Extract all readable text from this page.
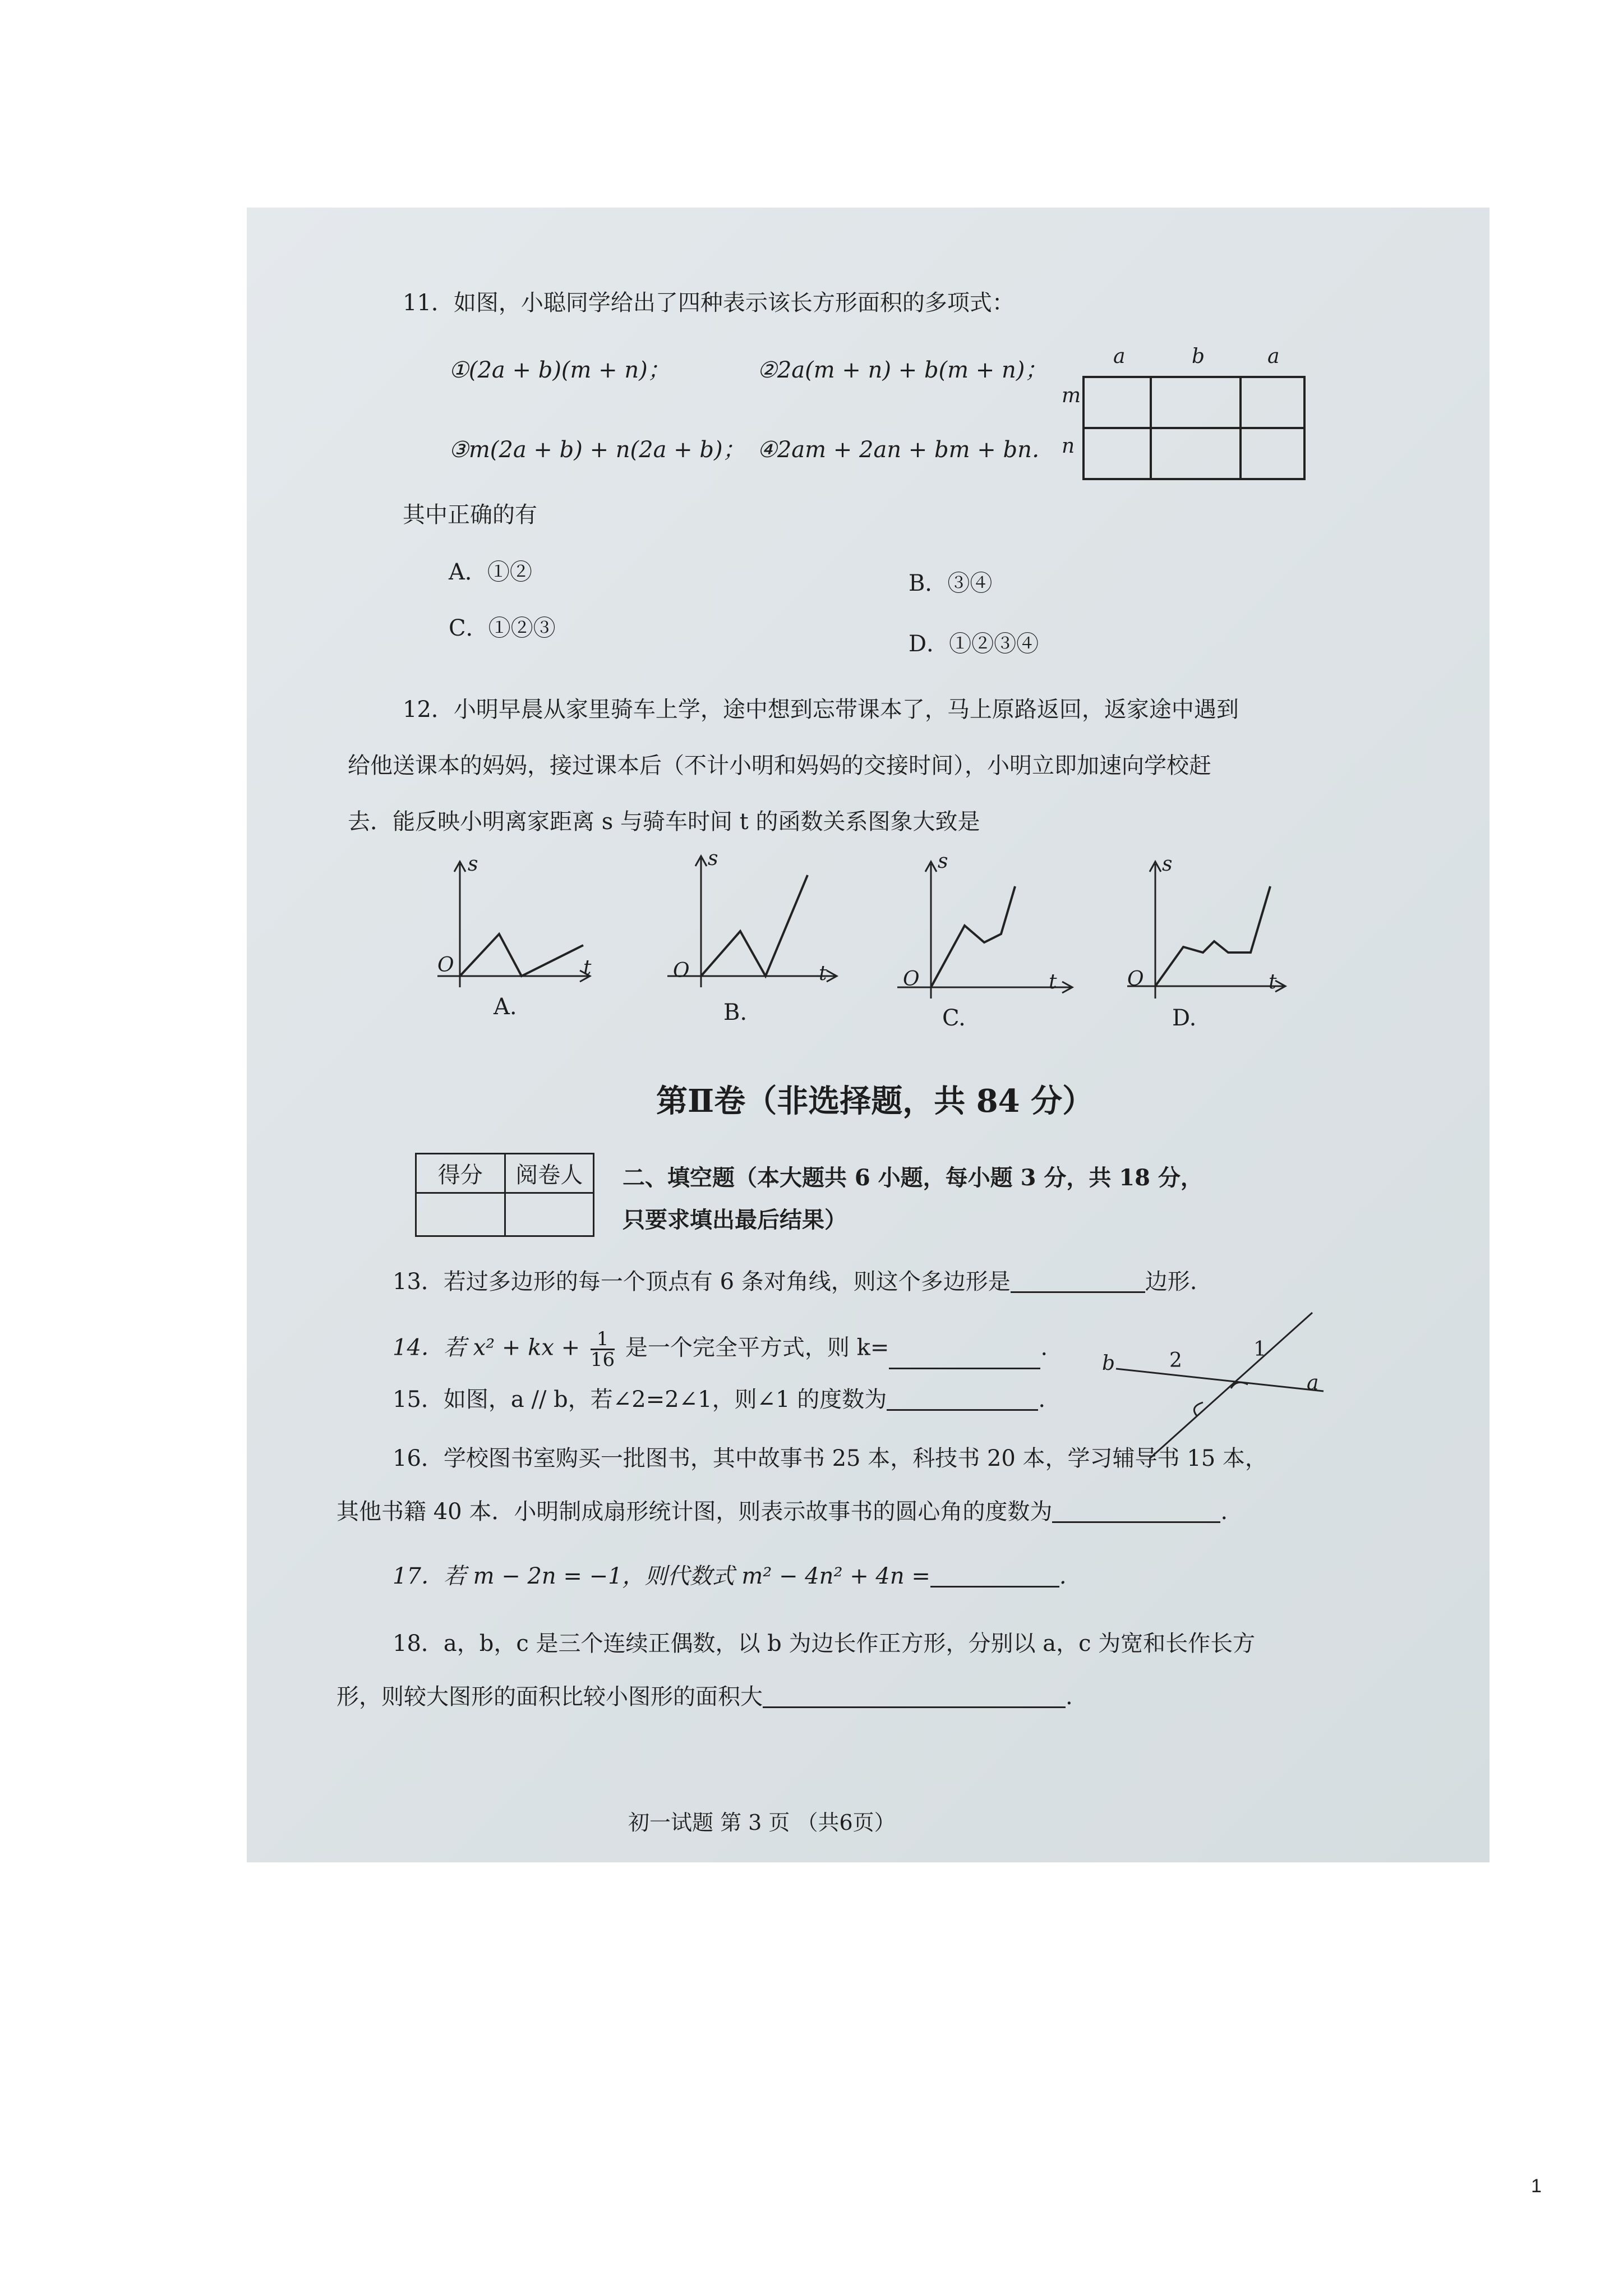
11．如图，小聪同学给出了四种表示该长方形面积的多项式：
①(2a + b)(m + n)；	②2a(m + n) + b(m + n)；
③m(2a + b) + n(2a + b)； ④2am + 2an + bm + bn．
其中正确的有
A．①②	B．③④
C．①②③
D．①②③④
a	b	a
m
n
12．小明早晨从家里骑车上学，途中想到忘带课本了，马上原路返回，返家途中遇到
给他送课本的妈妈，接过课本后（不计小明和妈妈的交接时间），小明立即加速向学校赶
去．能反映小明离家距离 s 与骑车时间 t 的函数关系图象大致是
s
O	t
A.
s
O	t
B.
s
O	t
C.
s
O	t
D.
第Ⅱ卷（非选择题，共 84 分）
得分	阅卷人
	二、填空题（本大题共 6 小题，每小题 3 分，共 18 分，
只要求填出最后结果）
13．若过多边形的每一个顶点有 6 条对角线，则这个多边形是	边形.
14．若 x² + kx + $\frac{1}{16}$ 是一个完全平方式，则 k=	.
15．如图，a // b，若∠2=2∠1，则∠1 的度数为	.
b
a
2	1
16．学校图书室购买一批图书，其中故事书 25 本，科技书 20 本，学习辅导书 15 本，
其他书籍 40 本．小明制成扇形统计图，则表示故事书的圆心角的度数为	.
17．若 m − 2n = −1，则代数式 m² − 4n² + 4n =	.
18．a，b，c 是三个连续正偶数，以 b 为边长作正方形，分别以 a，c 为宽和长作长方
形，则较大图形的面积比较小图形的面积大	.
初一试题 第 3 页 （共6页）
1
